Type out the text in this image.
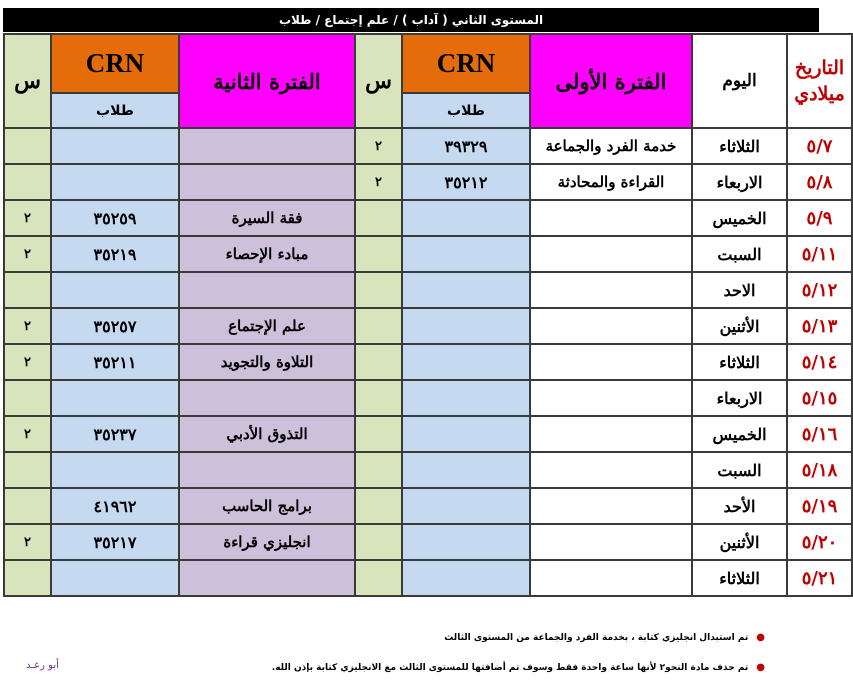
المستوى الثاني ( آداب ) / علم إجتماع / طلاب
التاريخ ميلادي	اليوم	الفترة الأولى	CRN	س	الفترة الثانية	CRN	س
			طلاب			طلاب	
٥/٧	الثلاثاء	خدمة الفرد والجماعة	٣٩٣٢٩	٢			
٥/٨	الاربعاء	القراءة والمحادثة	٣٥٢١٢	٢			
٥/٩	الخميس				فقة السيرة	٣٥٢٥٩	٢
٥/١١	السبت				مبادء الإحصاء	٣٥٢١٩	٢
٥/١٢	الاحد						
٥/١٣	الأثنين				علم الإجتماع	٣٥٢٥٧	٢
٥/١٤	الثلاثاء				التلاوة والتجويد	٣٥٢١١	٢
٥/١٥	الاربعاء						
٥/١٦	الخميس				التذوق الأدبي	٣٥٢٣٧	٢
٥/١٨	السبت						
٥/١٩	الأحد				برامج الحاسب	٤١٩٦٢	
٥/٢٠	الأثنين				انجليزي قراءة	٣٥٢١٧	٢
٥/٢١	الثلاثاء						
●
تم استبدال انجليزي كتابة ، بخدمة الفرد والجماعة من المستوى الثالث
●
تم حذف مادة النحو٢ لأنها ساعة واحدة فقط وسوف تم أضافتها للمستوى الثالث مع الانجليزي كتابة بإذن الله.
أبو رعـد
